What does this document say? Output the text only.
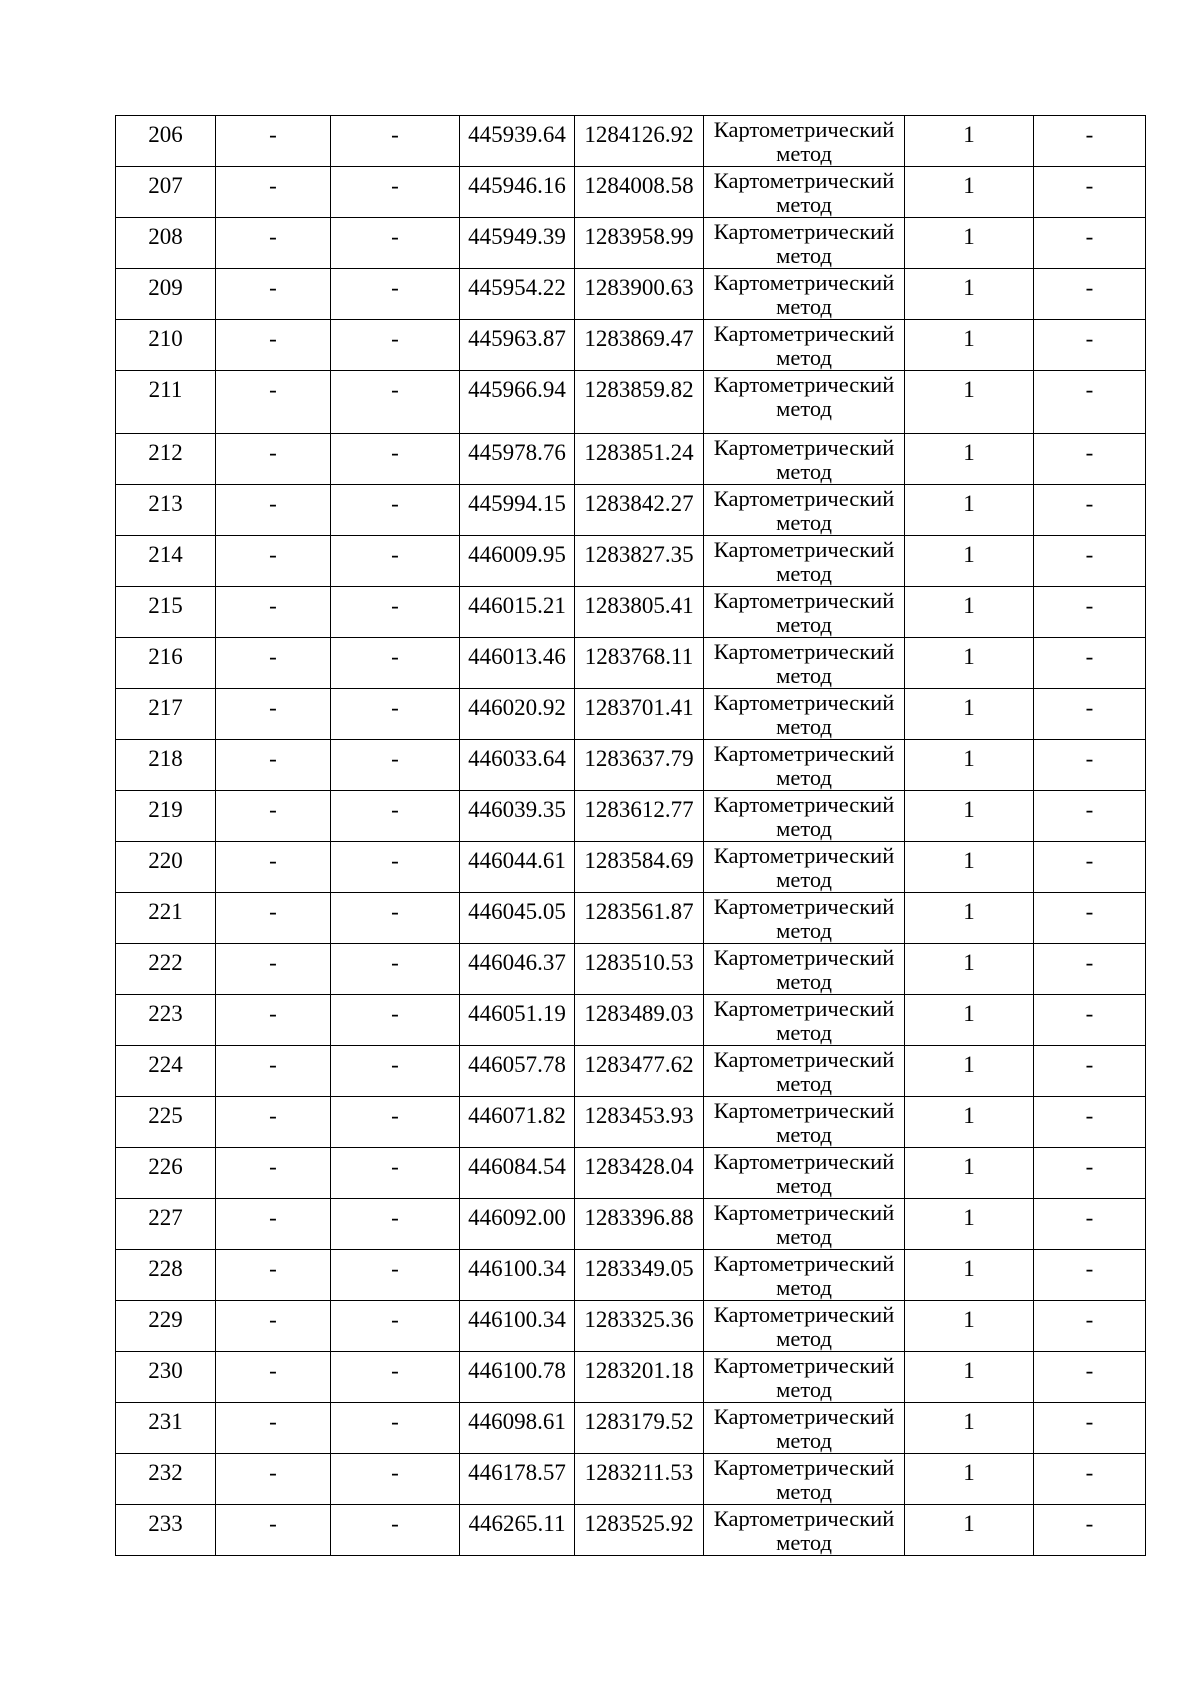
206	-	-	445939.64	1284126.92	Картометрический
метод	1	-
207	-	-	445946.16	1284008.58	Картометрический
метод	1	-
208	-	-	445949.39	1283958.99	Картометрический
метод	1	-
209	-	-	445954.22	1283900.63	Картометрический
метод	1	-
210	-	-	445963.87	1283869.47	Картометрический
метод	1	-
211	-	-	445966.94	1283859.82	Картометрический
метод	1	-
212	-	-	445978.76	1283851.24	Картометрический
метод	1	-
213	-	-	445994.15	1283842.27	Картометрический
метод	1	-
214	-	-	446009.95	1283827.35	Картометрический
метод	1	-
215	-	-	446015.21	1283805.41	Картометрический
метод	1	-
216	-	-	446013.46	1283768.11	Картометрический
метод	1	-
217	-	-	446020.92	1283701.41	Картометрический
метод	1	-
218	-	-	446033.64	1283637.79	Картометрический
метод	1	-
219	-	-	446039.35	1283612.77	Картометрический
метод	1	-
220	-	-	446044.61	1283584.69	Картометрический
метод	1	-
221	-	-	446045.05	1283561.87	Картометрический
метод	1	-
222	-	-	446046.37	1283510.53	Картометрический
метод	1	-
223	-	-	446051.19	1283489.03	Картометрический
метод	1	-
224	-	-	446057.78	1283477.62	Картометрический
метод	1	-
225	-	-	446071.82	1283453.93	Картометрический
метод	1	-
226	-	-	446084.54	1283428.04	Картометрический
метод	1	-
227	-	-	446092.00	1283396.88	Картометрический
метод	1	-
228	-	-	446100.34	1283349.05	Картометрический
метод	1	-
229	-	-	446100.34	1283325.36	Картометрический
метод	1	-
230	-	-	446100.78	1283201.18	Картометрический
метод	1	-
231	-	-	446098.61	1283179.52	Картометрический
метод	1	-
232	-	-	446178.57	1283211.53	Картометрический
метод	1	-
233	-	-	446265.11	1283525.92	Картометрический
метод	1	-
